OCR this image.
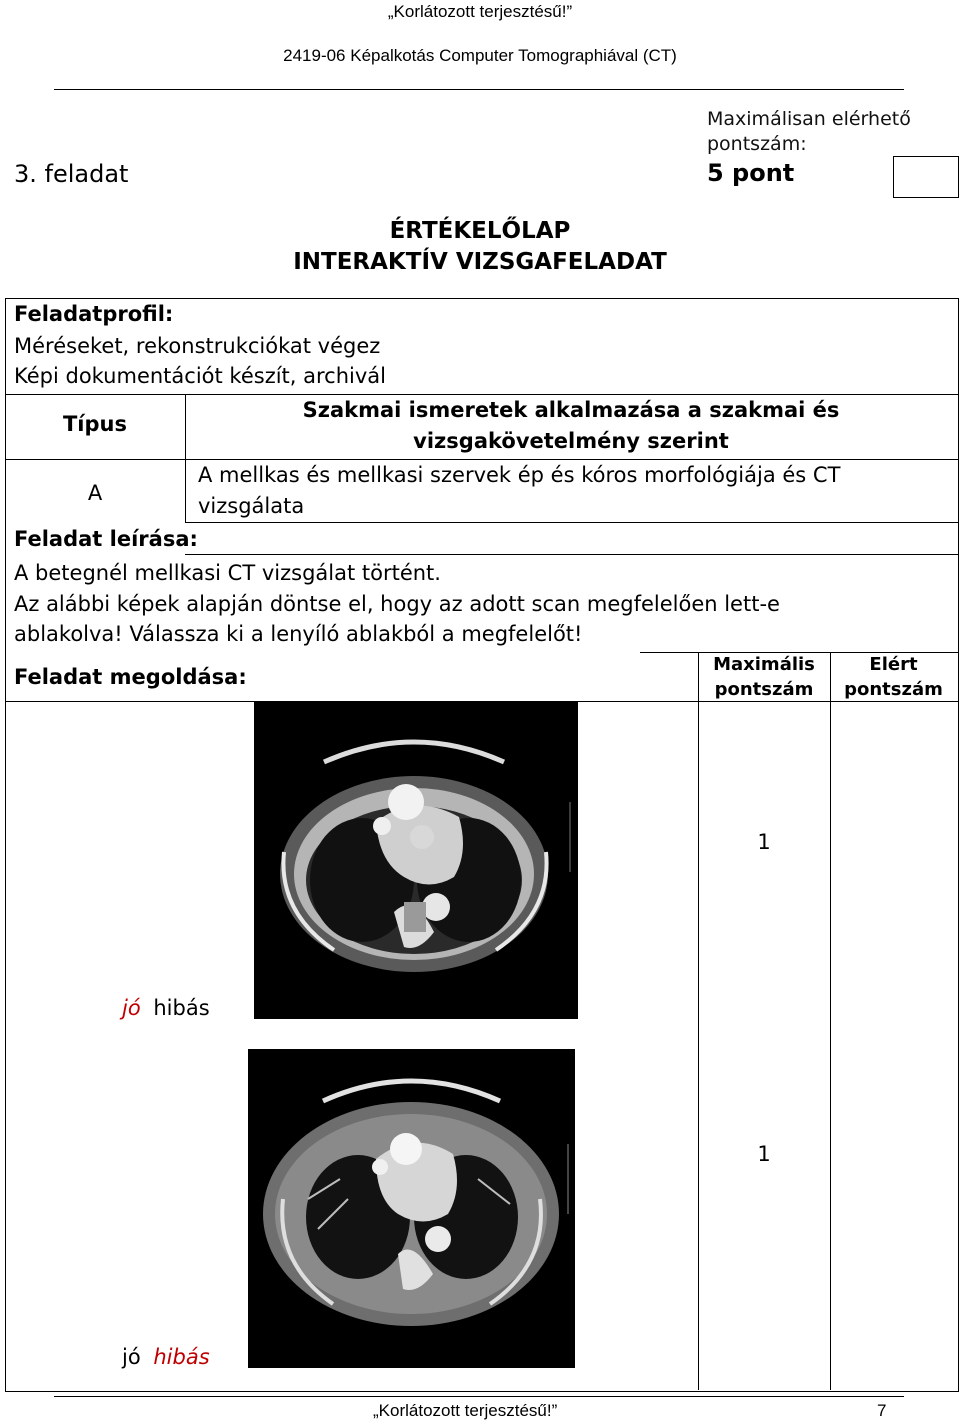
„Korlátozott terjesztésű!”
2419-06 Képalkotás Computer Tomographiával (CT)
3. feladat
Maximálisan elérhető
pontszám:
5 pont
ÉRTÉKELŐLAP
INTERAKTÍV VIZSGAFELADAT
Feladatprofil:
Méréseket, rekonstrukciókat végez
Képi dokumentációt készít, archivál
Típus
Szakmai ismeretek alkalmazása a szakmai és
vizsgakövetelmény szerint
A
A mellkas és mellkasi szervek ép és kóros morfológiája és CT
vizsgálata
Feladat leírása:
A betegnél mellkasi CT vizsgálat történt.
Az alábbi képek alapján döntse el, hogy az adott scan megfelelően lett-e
ablakolva! Válassza ki a lenyíló ablakból a megfelelőt!
Feladat megoldása:
Maximális
pontszám
Elért
pontszám
1
jó hibás
1
jó hibás
„Korlátozott terjesztésű!”	7
